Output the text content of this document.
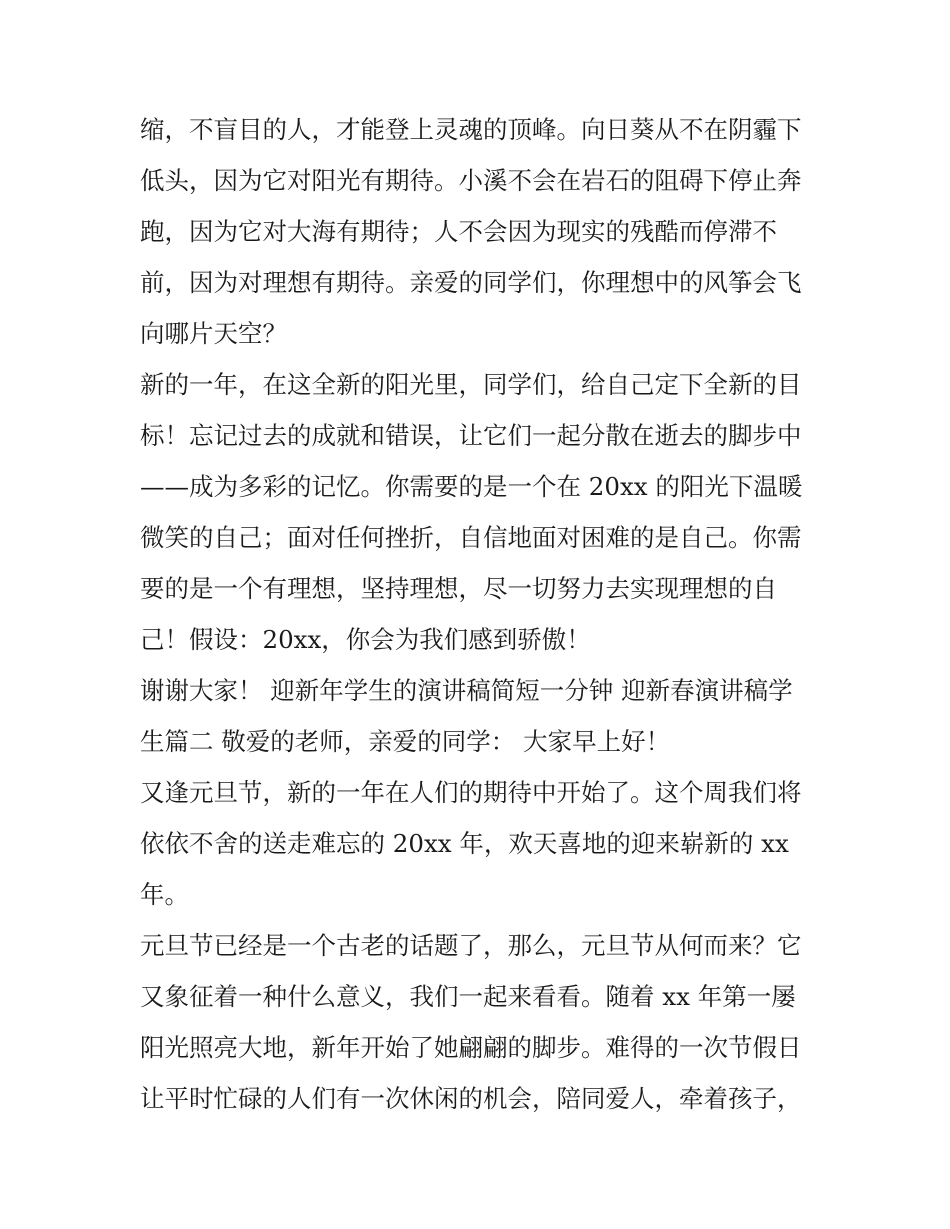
缩，不盲目的人，才能登上灵魂的顶峰。向日葵从不在阴霾下
低头，因为它对阳光有期待。小溪不会在岩石的阻碍下停止奔
跑，因为它对大海有期待；人不会因为现实的残酷而停滞不
前，因为对理想有期待。亲爱的同学们，你理想中的风筝会飞
向哪片天空？
新的一年，在这全新的阳光里，同学们，给自己定下全新的目
标！忘记过去的成就和错误，让它们一起分散在逝去的脚步中
——成为多彩的记忆。你需要的是一个在 20xx 的阳光下温暖
微笑的自己；面对任何挫折，自信地面对困难的是自己。你需
要的是一个有理想，坚持理想，尽一切努力去实现理想的自
己！假设：20xx，你会为我们感到骄傲！
谢谢大家！ 迎新年学生的演讲稿简短一分钟 迎新春演讲稿学
生篇二 敬爱的老师，亲爱的同学： 大家早上好！
又逢元旦节，新的一年在人们的期待中开始了。这个周我们将
依依不舍的送走难忘的 20xx 年，欢天喜地的迎来崭新的 xx
年。
元旦节已经是一个古老的话题了，那么，元旦节从何而来？它
又象征着一种什么意义，我们一起来看看。随着 xx 年第一屡
阳光照亮大地，新年开始了她翩翩的脚步。难得的一次节假日
让平时忙碌的人们有一次休闲的机会，陪同爱人，牵着孩子，
